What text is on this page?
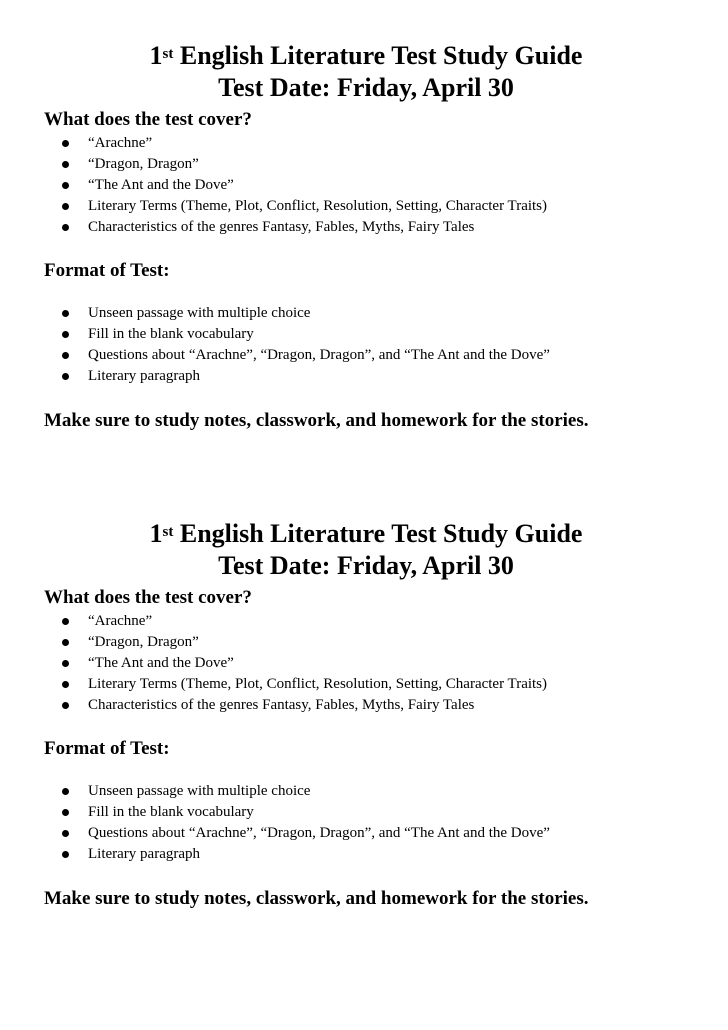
1st English Literature Test Study Guide
Test Date: Friday, April 30
What does the test cover?
“Arachne”
“Dragon, Dragon”
“The Ant and the Dove”
Literary Terms (Theme, Plot, Conflict, Resolution, Setting, Character Traits)
Characteristics of the genres Fantasy, Fables, Myths, Fairy Tales
Format of Test:
Unseen passage with multiple choice
Fill in the blank vocabulary
Questions about “Arachne”, “Dragon, Dragon”, and “The Ant and the Dove”
Literary paragraph

Make sure to study notes, classwork, and homework for the stories.

1st English Literature Test Study Guide
Test Date: Friday, April 30
What does the test cover?
“Arachne”
“Dragon, Dragon”
“The Ant and the Dove”
Literary Terms (Theme, Plot, Conflict, Resolution, Setting, Character Traits)
Characteristics of the genres Fantasy, Fables, Myths, Fairy Tales
Format of Test:
Unseen passage with multiple choice
Fill in the blank vocabulary
Questions about “Arachne”, “Dragon, Dragon”, and “The Ant and the Dove”
Literary paragraph

Make sure to study notes, classwork, and homework for the stories.
